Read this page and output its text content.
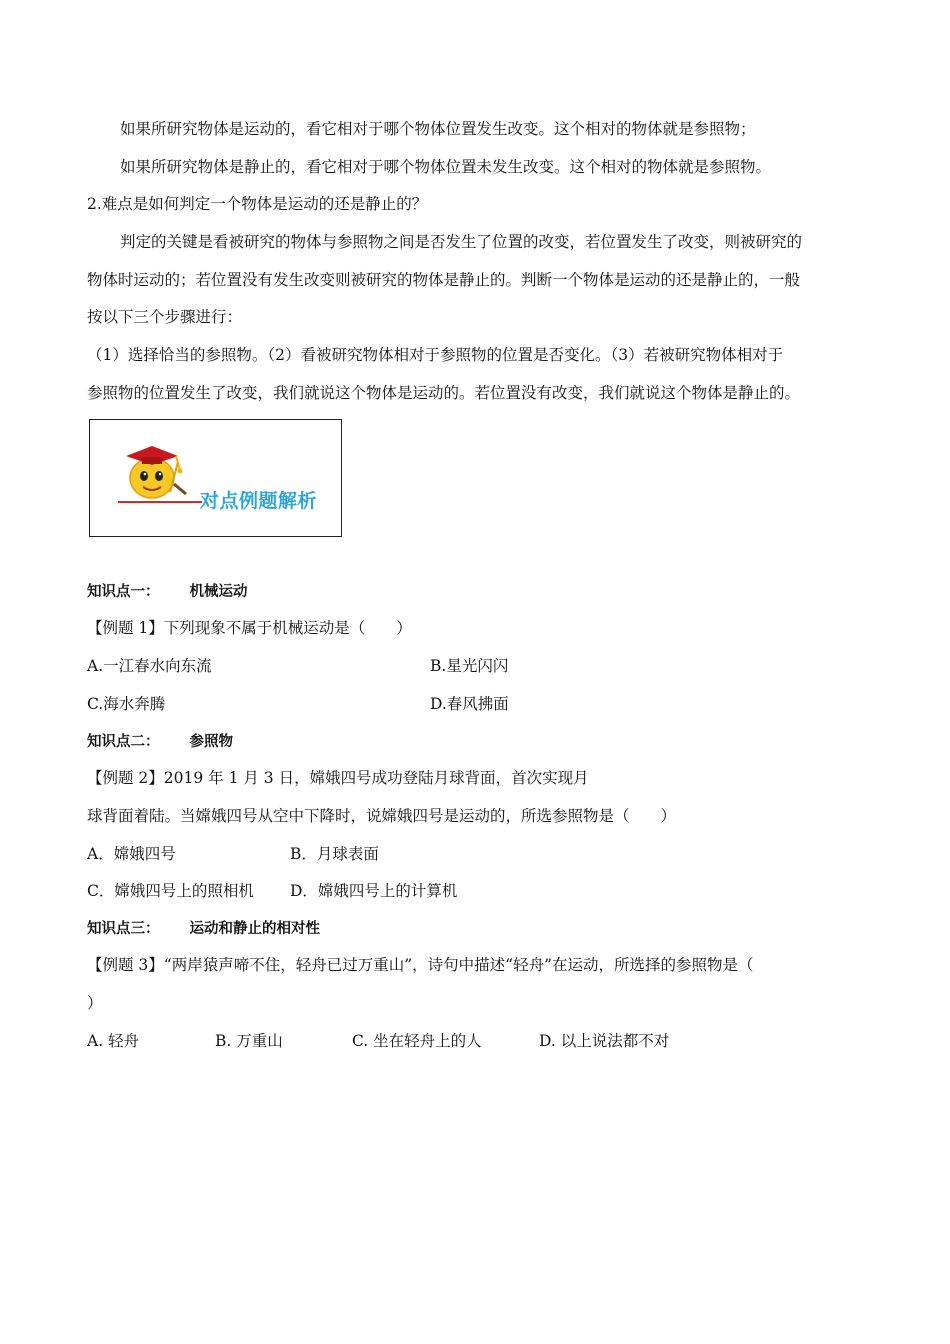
如果所研究物体是运动的，看它相对于哪个物体位置发生改变。这个相对的物体就是参照物；
如果所研究物体是静止的，看它相对于哪个物体位置未发生改变。这个相对的物体就是参照物。
2.难点是如何判定一个物体是运动的还是静止的？
判定的关键是看被研究的物体与参照物之间是否发生了位置的改变，若位置发生了改变，则被研究的
物体时运动的；若位置没有发生改变则被研究的物体是静止的。判断一个物体是运动的还是静止的，一般
按以下三个步骤进行：
（1）选择恰当的参照物。（2）看被研究物体相对于参照物的位置是否变化。（3）若被研究物体相对于
参照物的位置发生了改变，我们就说这个物体是运动的。若位置没有改变，我们就说这个物体是静止的。
对点例题解析
知识点一： 机械运动
【例题 1】下列现象不属于机械运动是（　　）
A.一江春水向东流	B.星光闪闪
C.海水奔腾	D.春风拂面
知识点二： 参照物
【例题 2】2019 年 1 月 3 日，嫦娥四号成功登陆月球背面，首次实现月
球背面着陆。当嫦娥四号从空中下降时，说嫦娥四号是运动的，所选参照物是（　　）
A．嫦娥四号	B．月球表面
C．嫦娥四号上的照相机 D．嫦娥四号上的计算机
知识点三： 运动和静止的相对性
【例题 3】“两岸猿声啼不住，轻舟已过万重山”，诗句中描述“轻舟”在运动，所选择的参照物是（
）
A. 轻舟	B. 万重山	C. 坐在轻舟上的人	D. 以上说法都不对
